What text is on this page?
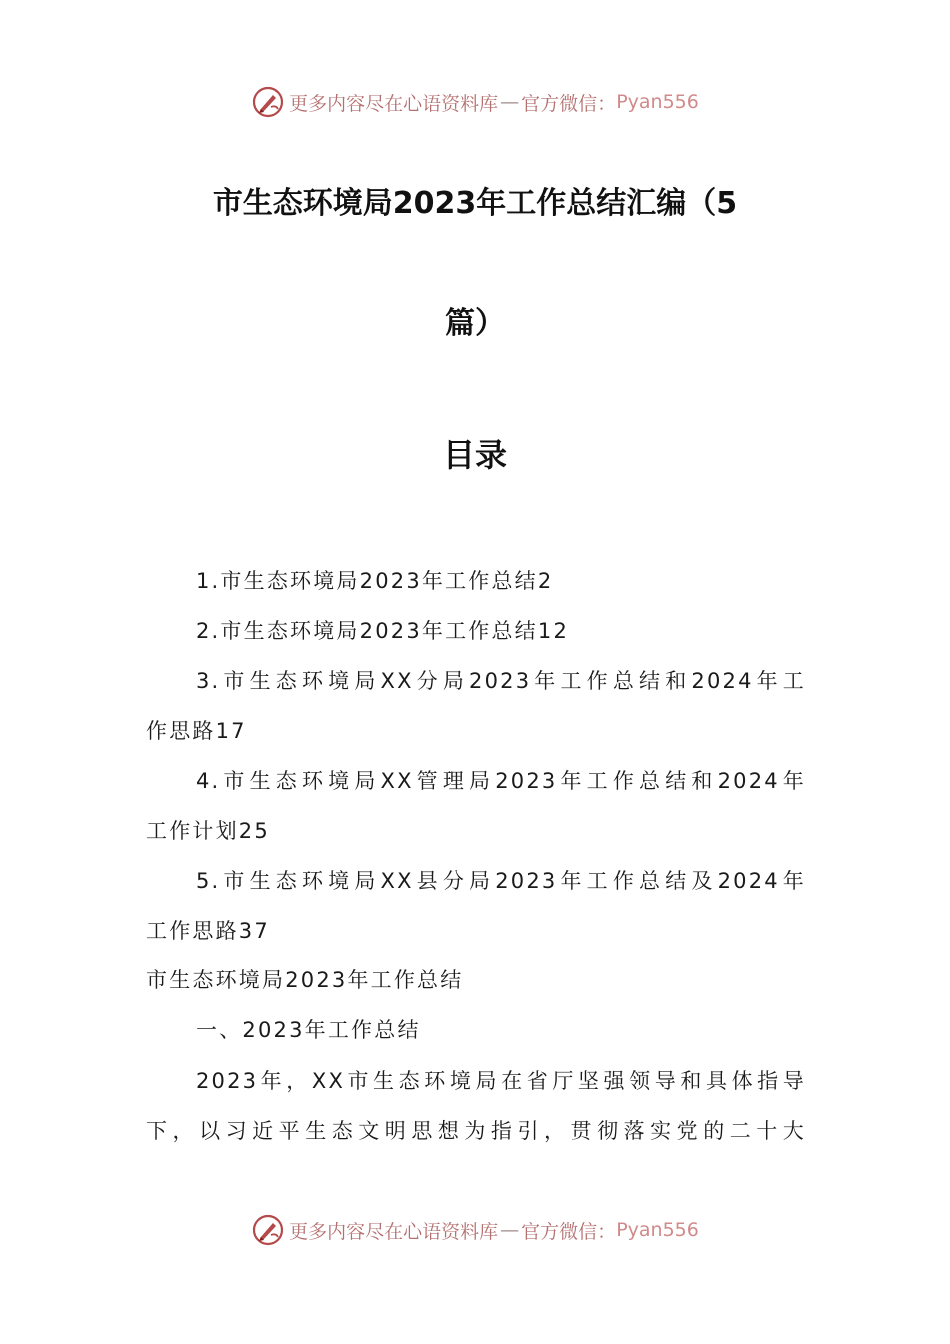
更多内容尽在心语资料库 — 官方微信： Pyan556
市生态环境局2023年工作总结汇编（5
篇）
目录
1.市生态环境局2023年工作总结2
2.市生态环境局2023年工作总结12
3.市生态环境局XX分局2023年工作总结和2024年工
作思路17
4.市生态环境局XX管理局2023年工作总结和2024年
工作计划25
5.市生态环境局XX县分局2023年工作总结及2024年
工作思路37
市生态环境局2023年工作总结
一、2023年工作总结
2023年，XX市生态环境局在省厅坚强领导和具体指导
下，以习近平生态文明思想为指引，贯彻落实党的二十大
更多内容尽在心语资料库 — 官方微信： Pyan556
